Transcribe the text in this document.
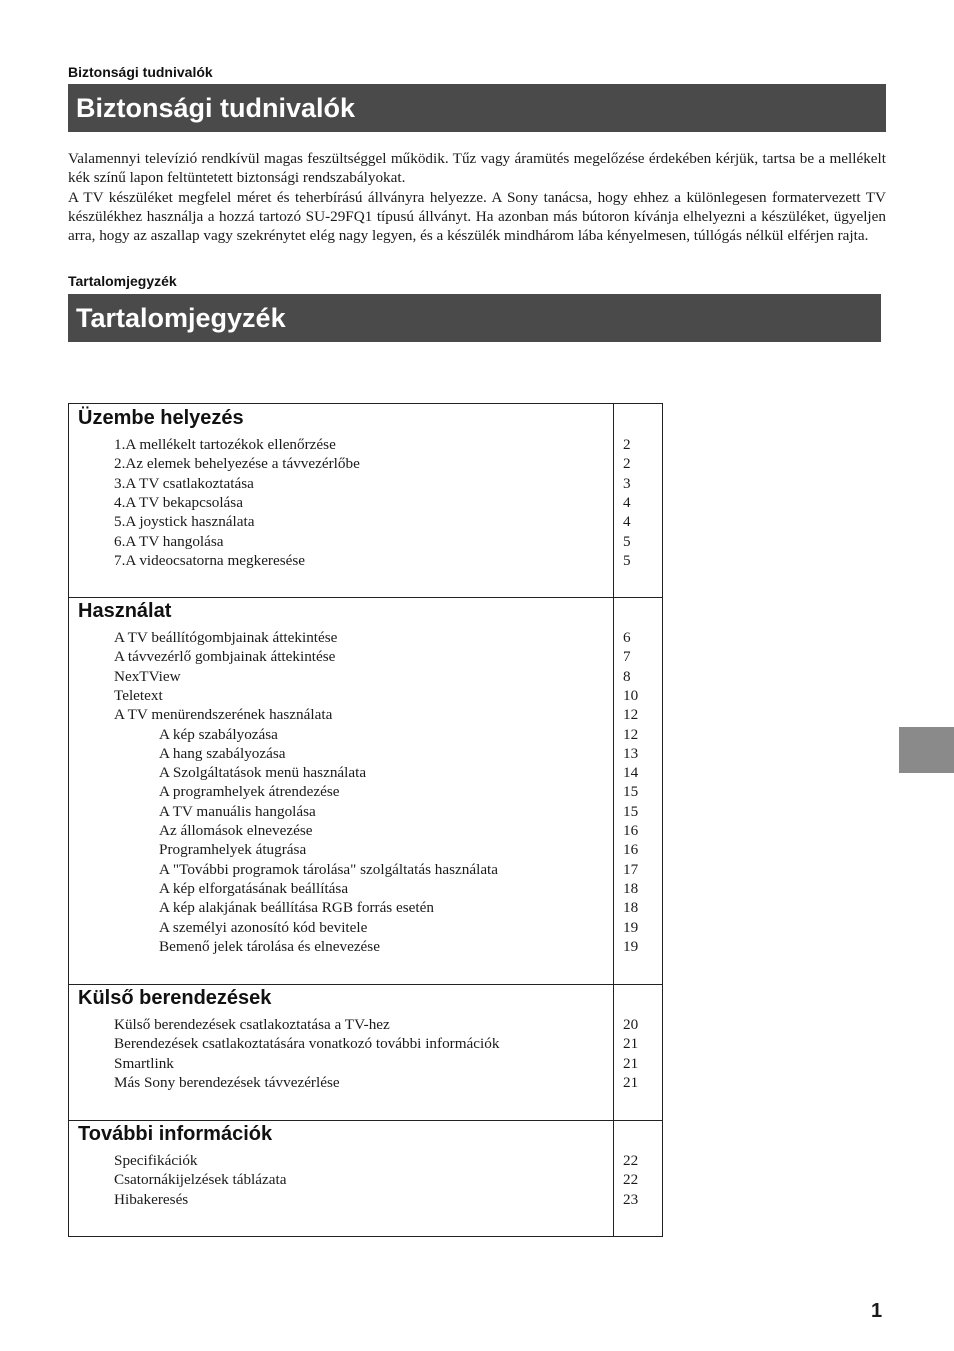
Biztonsági tudnivalók
Biztonsági tudnivalók

Valamennyi televízió rendkívül magas feszültséggel működik. Tűz vagy áramütés megelőzése érdekében kérjük, tartsa be a mellékelt kék színű lapon feltüntetett biztonsági rendszabályokat.

A TV készüléket megfelel méret és teherbírású állványra helyezze. A Sony tanácsa, hogy ehhez a különlegesen formatervezett TV készülékhez használja a hozzá tartozó SU-29FQ1 típusú állványt. Ha azonban más bútoron kívánja elhelyezni a készüléket, ügyeljen arra, hogy az aszallap vagy szekrénytet elég nagy legyen, és a készülék mindhárom lába kényelmesen, túllógás nélkül elférjen rajta.

Tartalomjegyzék
Tartalomjegyzék
Üzembe helyezés
1.A mellékelt tartozékok ellenőrzése	2
2.Az elemek behelyezése a távvezérlőbe	2
3.A TV csatlakoztatása	3
4.A TV bekapcsolása	4
5.A joystick használata	4
6.A TV hangolása	5
7.A videocsatorna megkeresése	5
Használat
A TV beállítógombjainak áttekintése	6
A távvezérlő gombjainak áttekintése	7
NexTView	8
Teletext	10
A TV menürendszerének használata	12
A kép szabályozása	12
A hang szabályozása	13
A Szolgáltatások menü használata	14
A programhelyek átrendezése	15
A TV manuális hangolása	15
Az állomások elnevezése	16
Programhelyek átugrása	16
A "További programok tárolása" szolgáltatás használata	17
A kép elforgatásának beállítása	18
A kép alakjának beállítása RGB forrás esetén	18
A személyi azonosító kód bevitele	19
Bemenő jelek tárolása és elnevezése	19
Külső berendezések
Külső berendezések csatlakoztatása a TV-hez	20
Berendezések csatlakoztatására vonatkozó további információk	21
Smartlink	21
Más Sony berendezések távvezérlése	21
További információk
Specifikációk	22
Csatornákijelzések táblázata	22
Hibakeresés	23
1
